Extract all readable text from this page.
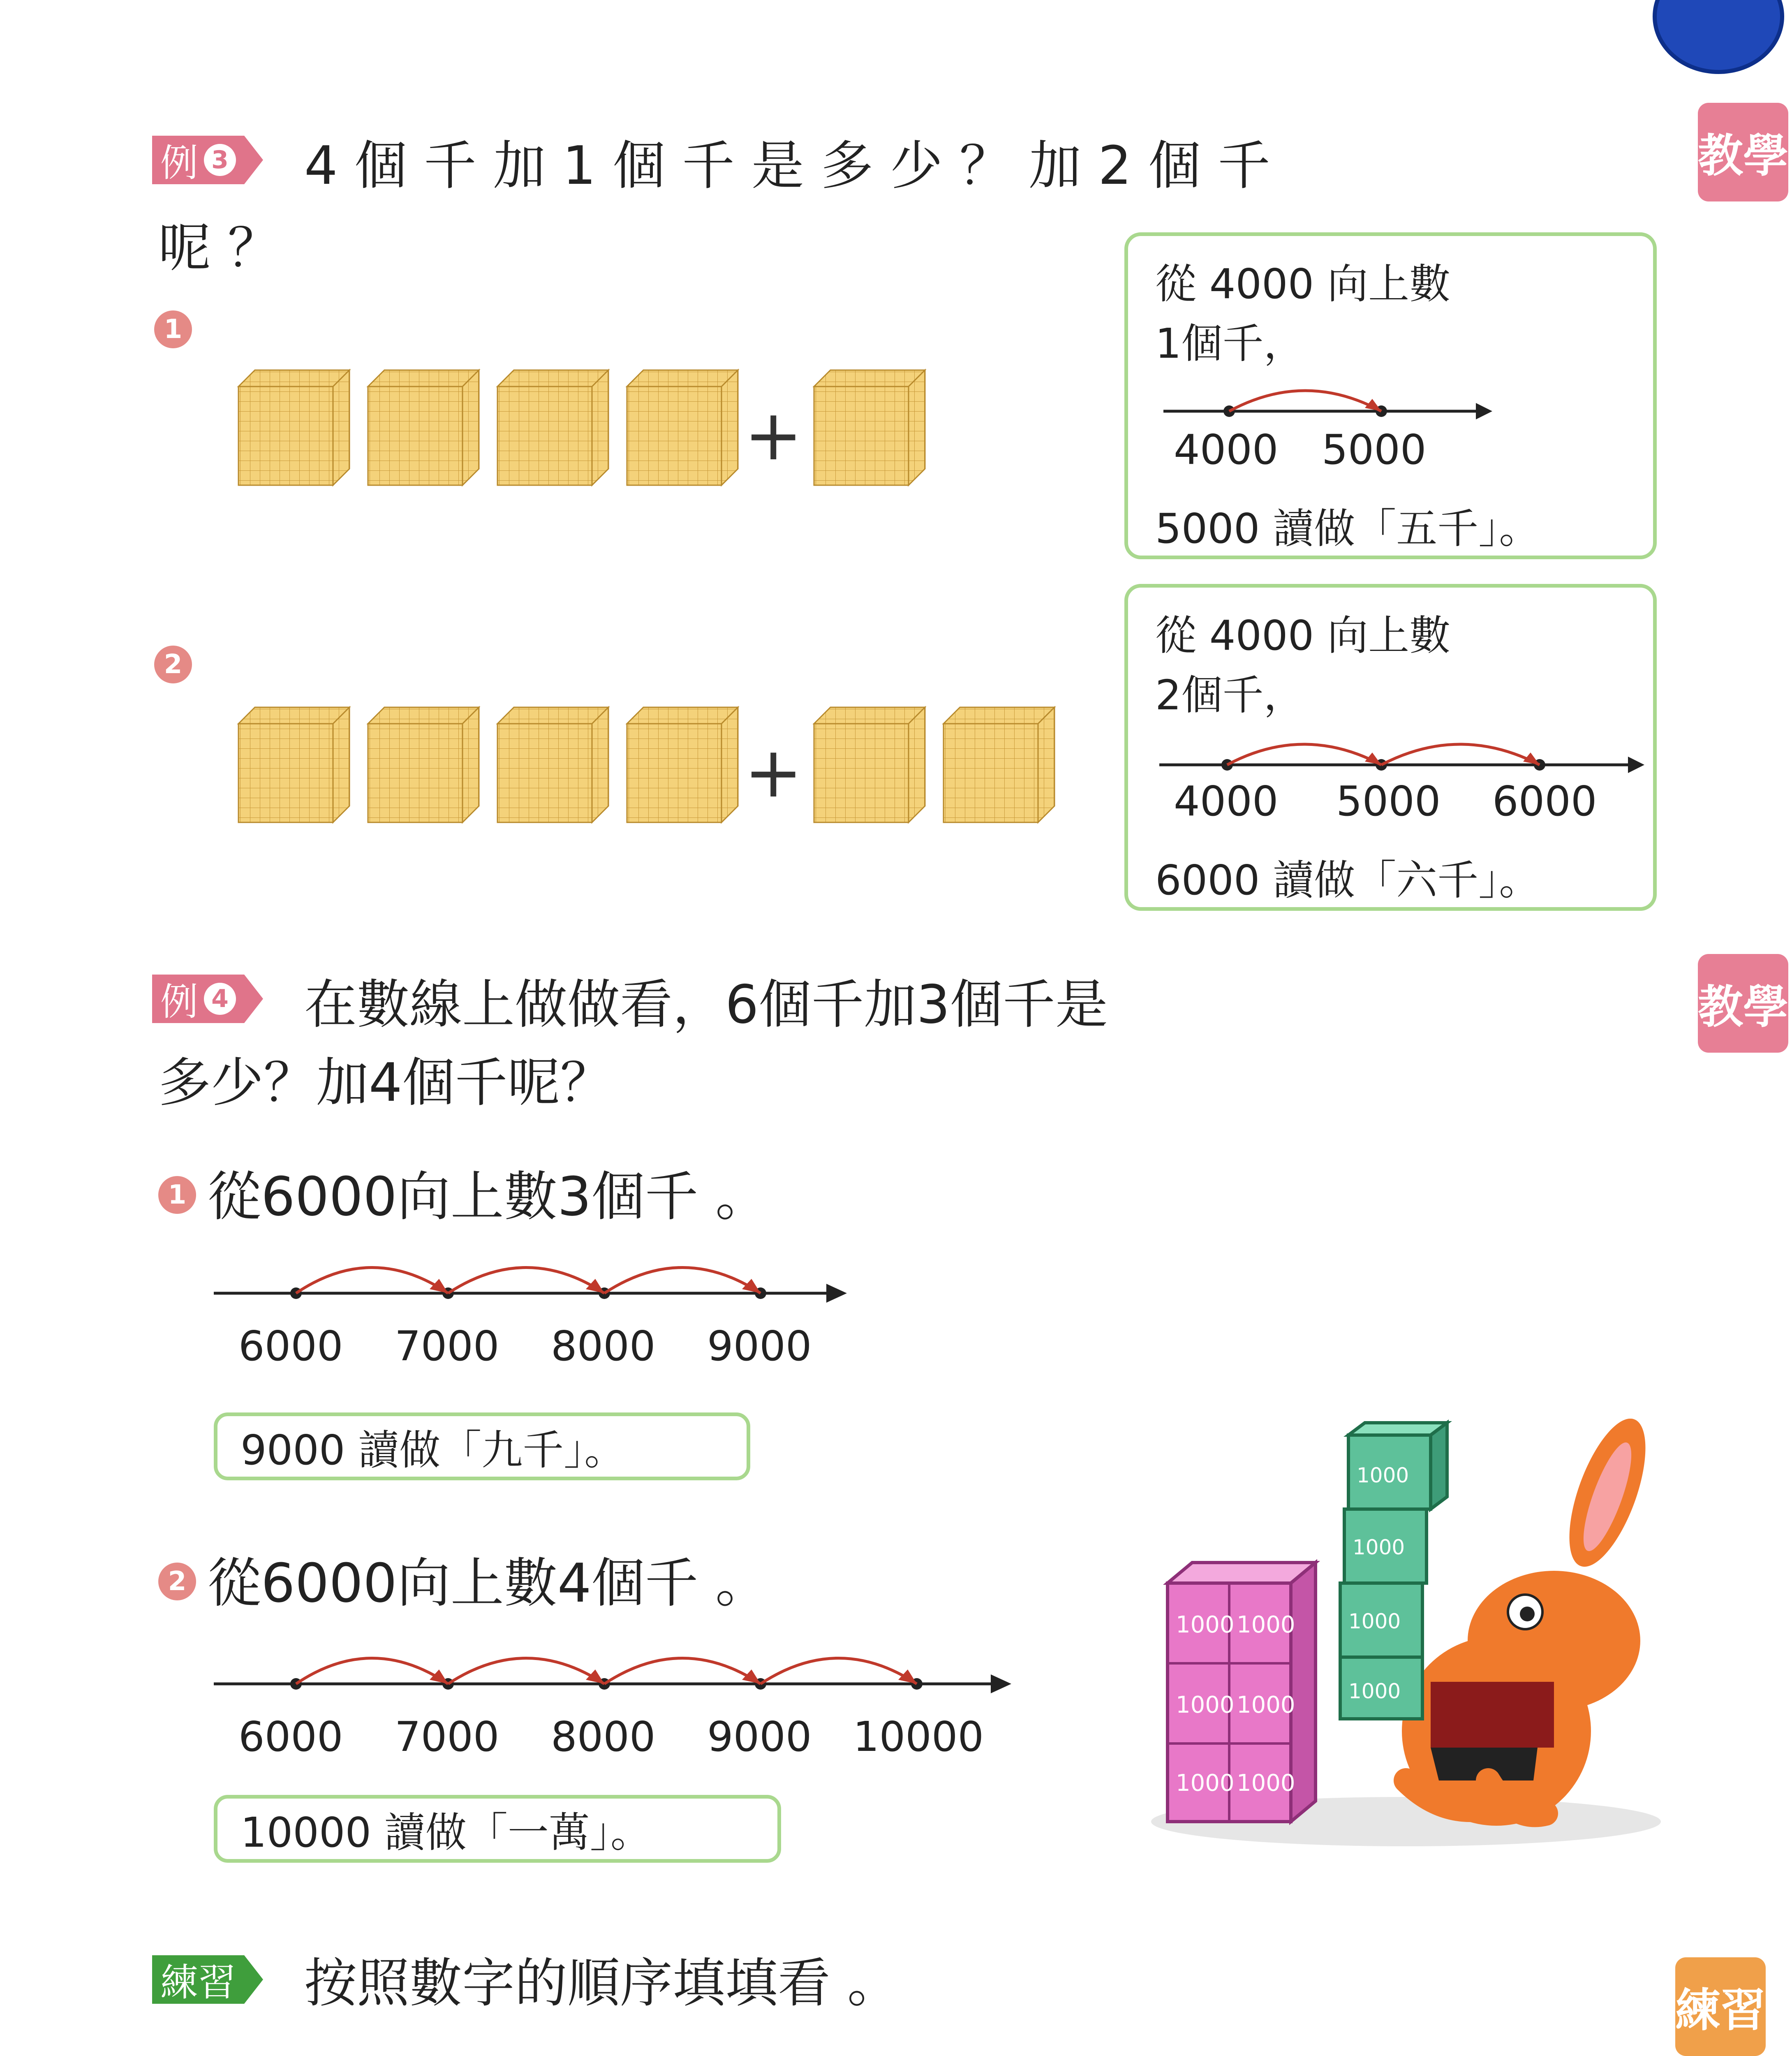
例 3 4 個 千 加 1 個 千 是 多 少 ？ 加 2 個 千
呢 ？
教學
1
2
+
+
從 4000 向上數
1個千，
4000 5000
5000 讀做「五千」。
從 4000 向上數
2個千，
4000 5000 6000
6000 讀做「六千」。
例 4 在數線上做做看，6個千加3個千是
多少？加4個千呢？
教學
1 從6000向上數3個千 。
6000 7000 8000 9000
9000 讀做「九千」。
2 從6000向上數4個千 。
6000 7000 8000 9000 10000
10000 讀做「一萬」。
1000 1000
1000 1000
1000 1000
1000
1000
1000
1000
練習 按照數字的順序填填看 。	練習
